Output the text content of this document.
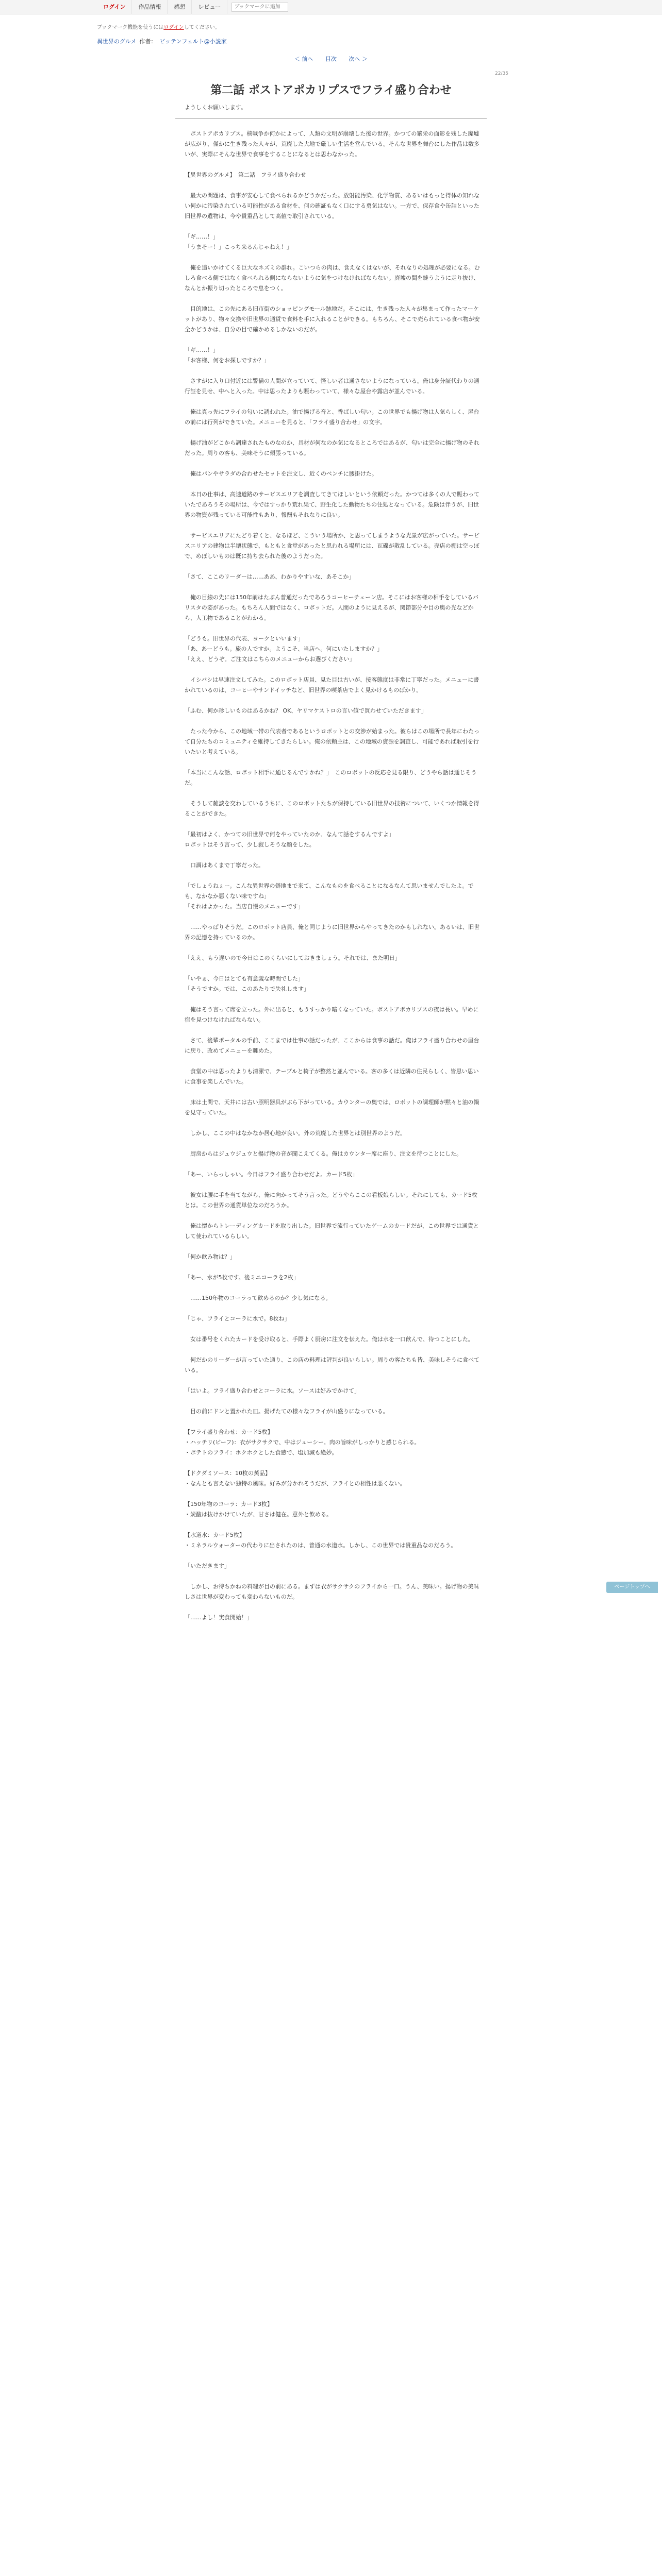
ログイン	作品情報	感想	レビュー
ブックマークに追加
ブックマーク機能を使うにはログインしてください。
異世界のグルメ 作者： ビッテンフェルト@小説家
＜ 前へ 目次 次へ ＞
22/35
第二話 ポストアポカリプスでフライ盛り合わせ
ようしくお願いします。

　ポストアポカリプス。核戦争か何かによって、人類の文明が崩壊した後の世界。かつての繁栄の面影を残した廃墟が広がり、僅かに生き残った人々が、荒廃した大地で厳しい生活を営んでいる。そんな世界を舞台にした作品は数多いが、実際にそんな世界で食事をすることになるとは思わなかった。

【異世界のグルメ】　第二話　フライ盛り合わせ

　最大の問題は、食事が安心して食べられるかどうかだった。放射能汚染、化学物質、あるいはもっと得体の知れない何かに汚染されている可能性がある食材を、何の確証もなく口にする勇気はない。一方で、保存食や缶詰といった旧世界の遺物は、今や貴重品として高値で取引されている。

「ギ……！」
「うまそー！」こっち来るんじゃねえ！」

　俺を追いかけてくる巨大なネズミの群れ。こいつらの肉は、食えなくはないが、それなりの処理が必要になる。むしろ食べる側ではなく食べられる側にならないように気をつけなければならない。廃墟の間を縫うように走り抜け、なんとか振り切ったところで息をつく。

　目的地は、この先にある旧市街のショッピングモール跡地だ。そこには、生き残った人々が集まって作ったマーケットがあり、物々交換や旧世界の通貨で食料を手に入れることができる。もちろん、そこで売られている食べ物が安全かどうかは、自分の目で確かめるしかないのだが。

「ギ……！」
「お客様、何をお探しですか？」

　さすがに入り口付近には警備の人間が立っていて、怪しい者は通さないようになっている。俺は身分証代わりの通行証を見せ、中へと入った。中は思ったよりも賑わっていて、様々な屋台や露店が並んでいる。

　俺は真っ先にフライの匂いに誘われた。油で揚げる音と、香ばしい匂い。この世界でも揚げ物は人気らしく、屋台の前には行列ができていた。メニューを見ると、「フライ盛り合わせ」の文字。

　揚げ油がどこから調達されたものなのか、具材が何なのか気になるところではあるが、匂いは完全に揚げ物のそれだった。周りの客も、美味そうに頬張っている。

　俺はパンやサラダの合わせたセットを注文し、近くのベンチに腰掛けた。

　本日の仕事は、高速道路のサービスエリアを調査してきてほしいという依頼だった。かつては多くの人で賑わっていたであろうその場所は、今ではすっかり荒れ果て、野生化した動物たちの住処となっている。危険は伴うが、旧世界の物資が残っている可能性もあり、報酬もそれなりに良い。

　サービスエリアにたどり着くと、なるほど、こういう場所か、と思ってしまうような光景が広がっていた。サービスエリアの建物は半壊状態で、もともと食堂があったと思われる場所には、瓦礫が散乱している。売店の棚は空っぽで、めぼしいものは既に持ち去られた後のようだった。

「さて、ここのリーダーは……ああ、わかりやすいな、あそこか」

　俺の目線の先には150年前はたぶん普通だったであろうコーヒーチェーン店。そこにはお客様の相手をしているバリスタの姿があった。もちろん人間ではなく、ロボットだ。人間のように見えるが、関節部分や目の奥の光などから、人工物であることがわかる。

「どうも。旧世界の代表、ヨークといいます」
「あ、あーどうも。旅の人ですか。ようこそ、当店へ。何にいたしますか？」
「ええ、どうぞ。ご注文はこちらのメニューからお選びください」

　イシバシは早速注文してみた。このロボット店員、見た目は古いが、接客態度は非常に丁寧だった。メニューに書かれているのは、コーヒーやサンドイッチなど、旧世界の喫茶店でよく見かけるものばかり。

「ふむ、何か珍しいものはあるかね？ OK、ヤリマケストロの言い値で買わせていただきます」

　たった今から、この地域一帯の代表者であるというロボットとの交渉が始まった。彼らはこの場所で長年にわたって自分たちのコミュニティを維持してきたらしい。俺の依頼主は、この地域の資源を調査し、可能であれば取引を行いたいと考えている。

「本当にこんな話、ロボット相手に通じるんですかね？」　このロボットの反応を見る限り、どうやら話は通じそうだ。

　そうして雑談を交わしているうちに、このロボットたちが保持している旧世界の技術について、いくつか情報を得ることができた。

「最初はよく、かつての旧世界で何をやっていたのか、なんて話をするんですよ」
ロボットはそう言って、少し寂しそうな顔をした。

　口調はあくまで丁寧だった。

「でしょうねぇー。こんな異世界の僻地まで来て、こんなものを食べることになるなんて思いませんでしたよ。でも、なかなか悪くない味ですね」
「それはよかった。当店自慢のメニューです」

　……やっぱりそうだ。このロボット店員、俺と同じように旧世界からやってきたのかもしれない。あるいは、旧世界の記憶を持っているのか。

「ええ、もう遅いので今日はこのくらいにしておきましょう。それでは、また明日」

「いやぁ、今日はとても有意義な時間でした」
「そうですか。では、このあたりで失礼します」

　俺はそう言って席を立った。外に出ると、もうすっかり暗くなっていた。ポストアポカリプスの夜は長い。早めに宿を見つけなければならない。

　さて、後輩ポータルの手前、ここまでは仕事の話だったが、ここからは食事の話だ。俺はフライ盛り合わせの屋台に戻り、改めてメニューを眺めた。

　食堂の中は思ったよりも清潔で、テーブルと椅子が整然と並んでいる。客の多くは近隣の住民らしく、皆思い思いに食事を楽しんでいた。

　床は土間で、天井には古い照明器具がぶら下がっている。カウンターの奥では、ロボットの調理師が黙々と油の鍋を見守っていた。

　しかし、ここの中はなかなか居心地が良い。外の荒廃した世界とは別世界のようだ。

　厨房からはジュウジュウと揚げ物の音が聞こえてくる。俺はカウンター席に座り、注文を待つことにした。

「あー、いらっしゃい。今日はフライ盛り合わせだよ。カード5枚」

　彼女は腰に手を当てながら、俺に向かってそう言った。どうやらここの看板娘らしい。それにしても、カード5枚とは。この世界の通貨単位なのだろうか。

　俺は懐からトレーディングカードを取り出した。旧世界で流行っていたゲームのカードだが、この世界では通貨として使われているらしい。

「何か飲み物は？」

「あー、水が5枚です。後ミニコーラを2枚」

　……150年物のコーラって飲めるのか？少し気になる。

「じゃ、フライとコーラに水で。8枚ね」

　女は番号をくれたカードを受け取ると、手際よく厨房に注文を伝えた。俺は水を一口飲んで、待つことにした。

　何だかのリーダーが言っていた通り、この店の料理は評判が良いらしい。周りの客たちも皆、美味しそうに食べている。

「はいよ。フライ盛り合わせとコーラに水。ソースは好みでかけて」

　目の前にドンと置かれた皿。揚げたての様々なフライが山盛りになっている。

【フライ盛り合わせ：カード5枚】
・ハッチリ(ビーフ)：衣がサクサクで、中はジューシー。肉の旨味がしっかりと感じられる。
・ポテトのフライ：ホクホクとした食感で、塩加減も絶妙。

【ドクダミソース：10枚の蒸品】
・なんとも言えない独特の風味。好みが分かれそうだが、フライとの相性は悪くない。

【150年物のコーラ：カード3枚】
・炭酸は抜けかけていたが、甘さは健在。意外と飲める。

【水道水：カード5枚】
・ミネラルウォーターの代わりに出されたのは、普通の水道水。しかし、この世界では貴重品なのだろう。

「いただきます」

　しかし、お待ちかねの料理が目の前にある。まずは衣がサクサクのフライから一口。うん、美味い。揚げ物の美味しさは世界が変わっても変わらないものだ。

「……よし！実食開始！」

ページトップへ
